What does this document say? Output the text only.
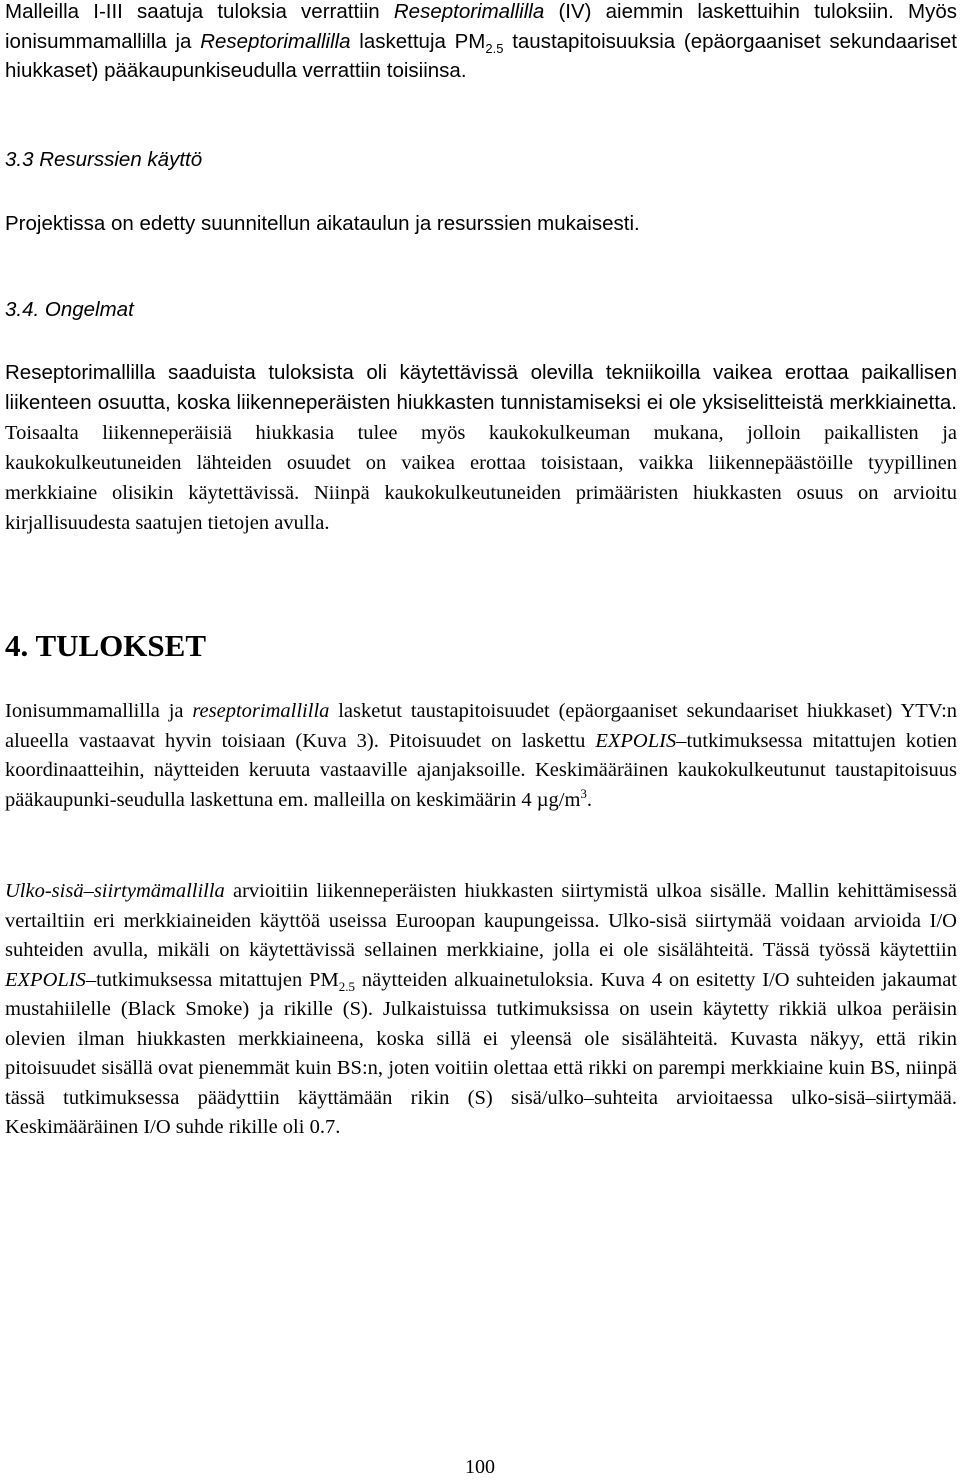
Malleilla I-III saatuja tuloksia verrattiin Reseptorimallilla (IV) aiemmin laskettuihin tuloksiin. Myös ionisummamallilla ja Reseptorimallilla laskettuja $PM_{2.5}$ taustapitoisuuksia (epäorgaaniset sekundaariset hiukkaset) pääkaupunkiseudulla verrattiin toisiinsa.

3.3 Resurssien käyttö

Projektissa on edetty suunnitellun aikataulun ja resurssien mukaisesti.

3.4. Ongelmat

Reseptorimallilla saaduista tuloksista oli käytettävissä olevilla tekniikoilla vaikea erottaa paikallisen liikenteen osuutta, koska liikenneperäisten hiukkasten tunnistamiseksi ei ole yksiselitteistä merkkiainetta. Toisaalta liikenneperäisiä hiukkasia tulee myös kaukokulkeuman mukana, jolloin paikallisten ja kaukokulkeutuneiden lähteiden osuudet on vaikea erottaa toisistaan, vaikka liikennepäästöille tyypillinen merkkiaine olisikin käytettävissä. Niinpä kaukokulkeutuneiden primääristen hiukkasten osuus on arvioitu kirjallisuudesta saatujen tietojen avulla.

4. TULOKSET

Ionisummamallilla ja reseptorimallilla lasketut taustapitoisuudet (epäorgaaniset sekundaariset hiukkaset) YTV:n alueella vastaavat hyvin toisiaan (Kuva 3). Pitoisuudet on laskettu EXPOLIS–tutkimuksessa mitattujen kotien koordinaatteihin, näytteiden keruuta vastaaville ajanjaksoille. Keskimääräinen kaukokulkeutunut taustapitoisuus pääkaupunki-seudulla laskettuna em. malleilla on keskimäärin 4 $\mu g/m^3$.

Ulko-sisä–siirtymämallilla arvioitiin liikenneperäisten hiukkasten siirtymistä ulkoa sisälle. Mallin kehittämisessä vertailtiin eri merkkiaineiden käyttöä useissa Euroopan kaupungeissa. Ulko-sisä siirtymää voidaan arvioida I/O suhteiden avulla, mikäli on käytettävissä sellainen merkkiaine, jolla ei ole sisälähteitä. Tässä työssä käytettiin EXPOLIS–tutkimuksessa mitattujen $PM_{2.5}$ näytteiden alkuainetuloksia. Kuva 4 on esitetty I/O suhteiden jakaumat mustahiilelle (Black Smoke) ja rikille (S). Julkaistuissa tutkimuksissa on usein käytetty rikkiä ulkoa peräisin olevien ilman hiukkasten merkkiaineena, koska sillä ei yleensä ole sisälähteitä. Kuvasta näkyy, että rikin pitoisuudet sisällä ovat pienemmät kuin BS:n, joten voitiin olettaa että rikki on parempi merkkiaine kuin BS, niinpä tässä tutkimuksessa päädyttiin käyttämään rikin (S) sisä/ulko–suhteita arvioitaessa ulko-sisä–siirtymää. Keskimääräinen I/O suhde rikille oli 0.7.

100
